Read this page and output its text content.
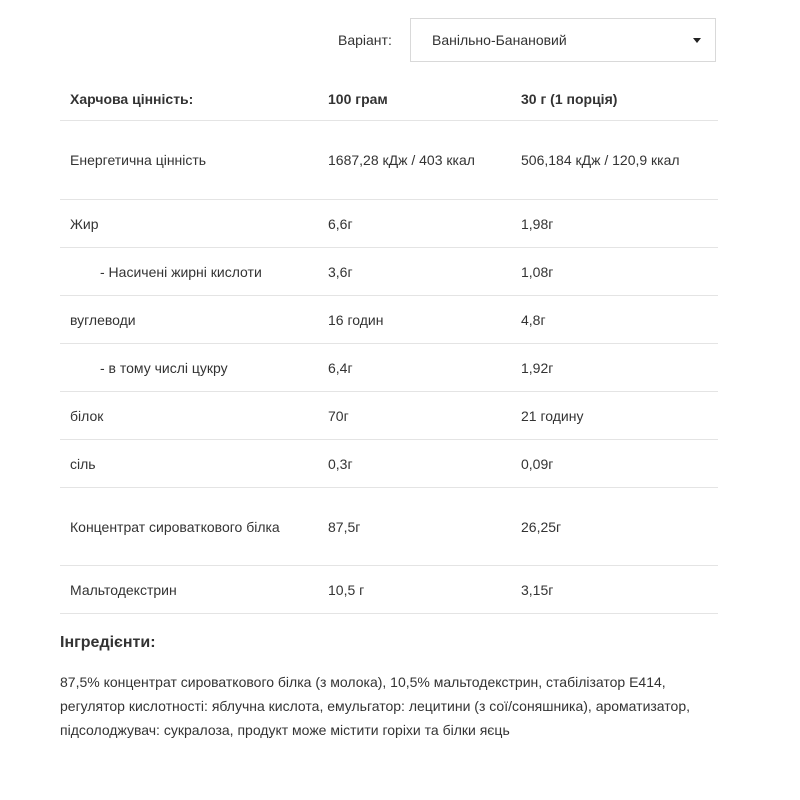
Варіант:	Ванільно-Банановий
Харчова цінність:	100 грам	30 г (1 порція)
Енергетична цінність	1687,28 кДж / 403 ккал	506,184 кДж / 120,9 ккал
Жир	6,6г	1,98г
- Насичені жирні кислоти	3,6г	1,08г
вуглеводи	16 годин	4,8г
- в тому числі цукру	6,4г	1,92г
білок	70г	21 годину
сіль	0,3г	0,09г
Концентрат сироваткового білка	87,5г	26,25г
Мальтодекстрин	10,5 г	3,15г
Інгредієнти:

87,5% концентрат сироваткового білка (з молока), 10,5% мальтодекстрин, стабілізатор E414, регулятор кислотності: яблучна кислота, емульгатор: лецитини (з сої/соняшника), ароматизатор, підсолоджувач: сукралоза, продукт може містити горіхи та білки яєць
